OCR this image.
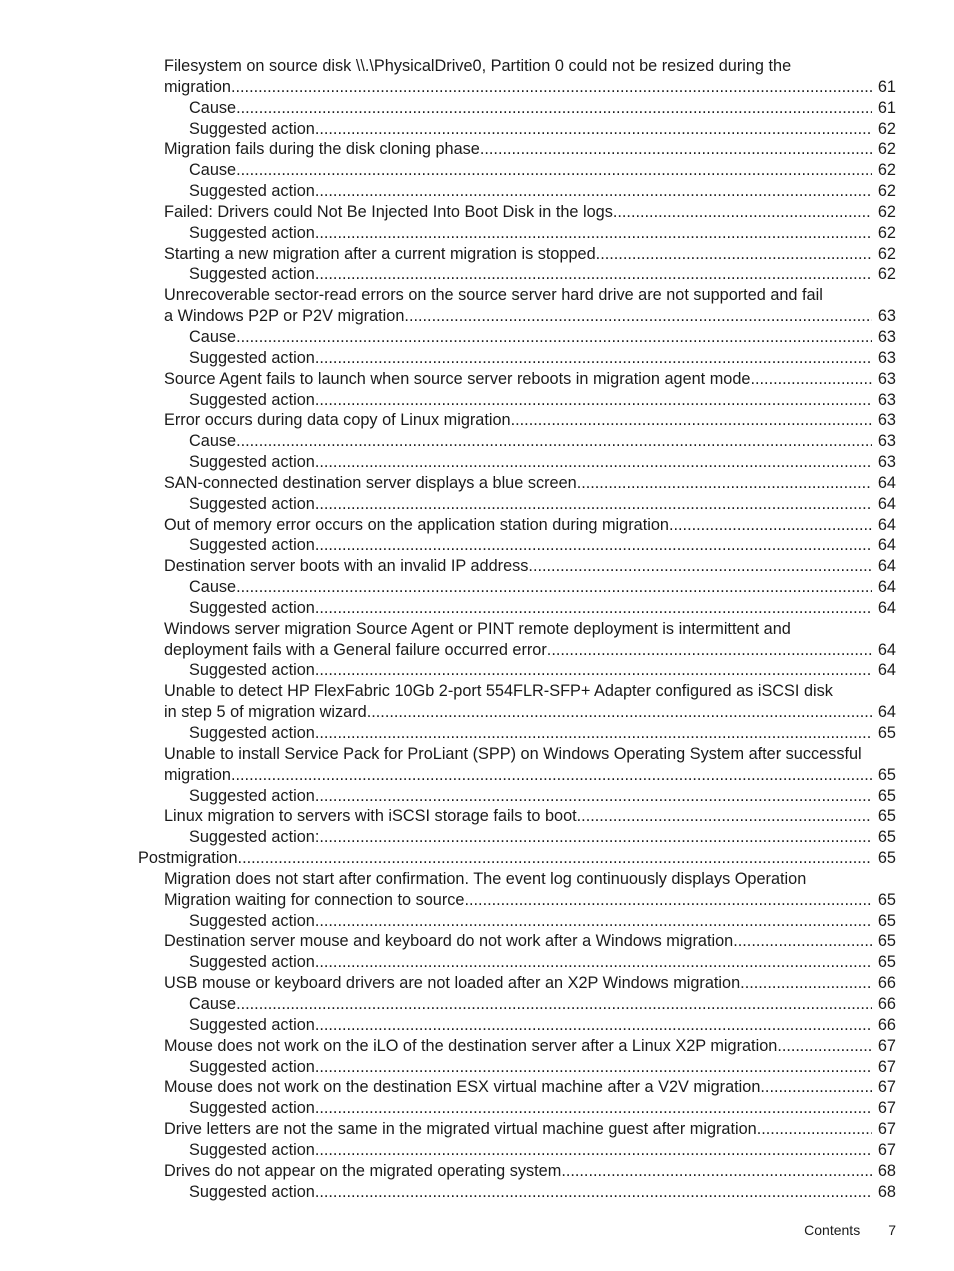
Filesystem on source disk \\.\PhysicalDrive0, Partition 0 could not be resized during the
migration .....	61
Cause .....	61
Suggested action .....	62
Migration fails during the disk cloning phase .....	62
Cause .....	62
Suggested action .....	62
Failed: Drivers could Not Be Injected Into Boot Disk in the logs .....	62
Suggested action .....	62
Starting a new migration after a current migration is stopped .....	62
Suggested action .....	62
Unrecoverable sector-read errors on the source server hard drive are not supported and fail
a Windows P2P or P2V migration .....	63
Cause .....	63
Suggested action .....	63
Source Agent fails to launch when source server reboots in migration agent mode .....	63
Suggested action .....	63
Error occurs during data copy of Linux migration .....	63
Cause .....	63
Suggested action .....	63
SAN-connected destination server displays a blue screen .....	64
Suggested action .....	64
Out of memory error occurs on the application station during migration .....	64
Suggested action .....	64
Destination server boots with an invalid IP address .....	64
Cause .....	64
Suggested action .....	64
Windows server migration Source Agent or PINT remote deployment is intermittent and
deployment fails with a General failure occurred error .....	64
Suggested action .....	64
Unable to detect HP FlexFabric 10Gb 2-port 554FLR-SFP+ Adapter configured as iSCSI disk
in step 5 of migration wizard .....	64
Suggested action .....	65
Unable to install Service Pack for ProLiant (SPP) on Windows Operating System after successful
migration .....	65
Suggested action .....	65
Linux migration to servers with iSCSI storage fails to boot .....	65
Suggested action: .....	65
Postmigration .....	65
Migration does not start after confirmation. The event log continuously displays Operation
Migration waiting for connection to source .....	65
Suggested action .....	65
Destination server mouse and keyboard do not work after a Windows migration .....	65
Suggested action .....	65
USB mouse or keyboard drivers are not loaded after an X2P Windows migration .....	66
Cause .....	66
Suggested action .....	66
Mouse does not work on the iLO of the destination server after a Linux X2P migration .....	67
Suggested action .....	67
Mouse does not work on the destination ESX virtual machine after a V2V migration .....	67
Suggested action .....	67
Drive letters are not the same in the migrated virtual machine guest after migration .....	67
Suggested action .....	67
Drives do not appear on the migrated operating system .....	68
Suggested action .....	68
Contents 7
